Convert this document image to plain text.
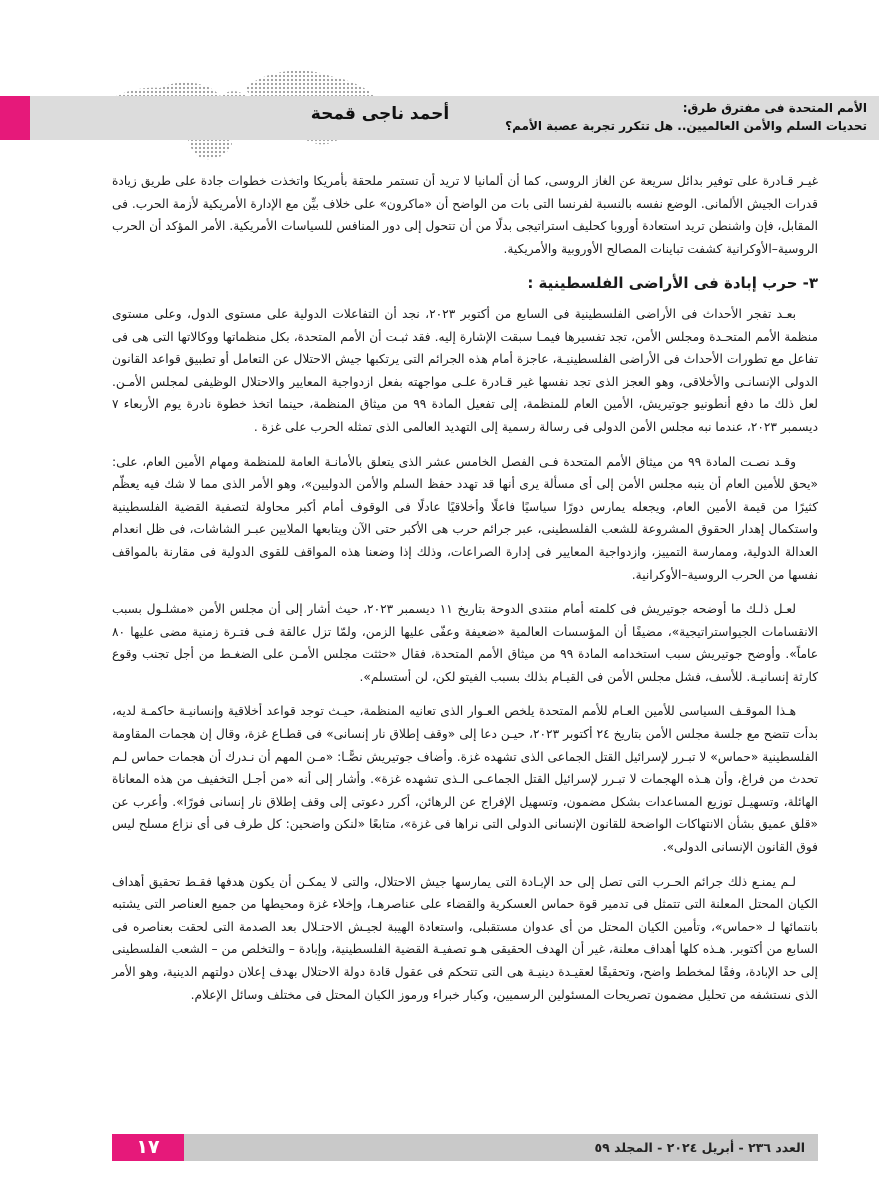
أحمد ناجى قمحة	الأمم المتحدة فى مفترق طرق:
تحديات السلم والأمن العالميين.. هل تتكرر تجربة عصبة الأمم؟

غيـر قـادرة على توفير بدائل سريعة عن الغاز الروسى، كما أن ألمانيا لا تريد أن تستمر ملحقة بأمريكا واتخذت خطوات جادة على طريق زيادة قدرات الجيش الألمانى. الوضع نفسه بالنسبة لفرنسا التى بات من الواضح أن «ماكرون» على خلاف بيِّن مع الإدارة الأمريكية لأزمة الحرب. فى المقابل، فإن واشنطن تريد استعادة أوروبا كحليف استراتيجى بدلًا من أن تتحول إلى دور المنافس للسياسات الأمريكية. الأمر المؤكد أن الحرب الروسية–الأوكرانية كشفت تباينات المصالح الأوروبية والأمريكية.

٣- حرب إبادة فى الأراضى الفلسطينية :

بعـد تفجر الأحداث فى الأراضى الفلسطينية فى السابع من أكتوبر ٢٠٢٣، نجد أن التفاعلات الدولية على مستوى الدول، وعلى مستوى منظمة الأمم المتحـدة ومجلس الأمن، تجد تفسيرها فيمـا سبقت الإشارة إليه. فقد ثبـت أن الأمم المتحدة، بكل منظماتها ووكالاتها التى هى فى تفاعل مع تطورات الأحداث فى الأراضى الفلسطينيـة، عاجزة أمام هذه الجرائم التى يرتكبها جيش الاحتلال عن التعامل أو تطبيق قواعد القانون الدولى الإنسانـى والأخلاقى، وهو العجز الذى تجد نفسها غير قـادرة علـى مواجهته بفعل ازدواجية المعايير والاحتلال الوظيفى لمجلس الأمـن. لعل ذلك ما دفع أنطونيو جوتيريش، الأمين العام للمنظمة، إلى تفعيل المادة ٩٩ من ميثاق المنظمة، حينما اتخذ خطوة نادرة يوم الأربعاء ٧ ديسمبر ٢٠٢٣، عندما نبه مجلس الأمن الدولى فى رسالة رسمية إلى التهديد العالمى الذى تمثله الحرب على غزة .

وقـد نصـت المادة ٩٩ من ميثاق الأمم المتحدة فـى الفصل الخامس عشر الذى يتعلق بالأمانـة العامة للمنظمة ومهام الأمين العام، على: «يحق للأمين العام أن ينبه مجلس الأمن إلى أى مسألة يرى أنها قد تهدد حفظ السلم والأمن الدوليين»، وهو الأمر الذى مما لا شك فيه يعظّم كثيرًا من قيمة الأمين العام، ويجعله يمارس دورًا سياسيًا فاعلًا وأخلاقيًا عادلًا فى الوقوف أمام أكبر محاولة لتصفية القضية الفلسطينية واستكمال إهدار الحقوق المشروعة للشعب الفلسطينى، عبر جرائم حرب هى الأكبر حتى الآن ويتابعها الملايين عبـر الشاشات، فى ظل انعدام العدالة الدولية، وممارسة التمييز، وازدواجية المعايير فى إدارة الصراعات، وذلك إذا وضعنا هذه المواقف للقوى الدولية فى مقارنة بالمواقف نفسها من الحرب الروسية–الأوكرانية.

لعـل ذلـك ما أوضحه جوتيريش فى كلمته أمام منتدى الدوحة بتاريخ ١١ ديسمبر ٢٠٢٣، حيث أشار إلى أن مجلس الأمن «مشلـول بسبب الانقسامات الجيواستراتيجية»، مضيفًا أن المؤسسات العالمية «ضعيفة وعفّى عليها الزمن، ولمّا تزل عالقة فـى فتـرة زمنية مضى عليها ٨٠ عاماً». وأوضح جوتيريش سبب استخدامه المادة ٩٩ من ميثاق الأمم المتحدة، فقال «حثثت مجلس الأمـن على الضغـط من أجل تجنب وقوع كارثة إنسانيـة. للأسف، فشل مجلس الأمن فى القيـام بذلك بسبب الفيتو لكن، لن أستسلم».

هـذا الموقـف السياسى للأمين العـام للأمم المتحدة يلخص العـوار الذى تعانيه المنظمة، حيـث توجد قواعد أخلاقية وإنسانيـة حاكمـة لديه، بدأت تتضح مع جلسة مجلس الأمن بتاريخ ٢٤ أكتوبر ٢٠٢٣، حيـن دعا إلى «وقف إطلاق نار إنسانى» فى قطـاع غزة، وقال إن هجمات المقاومة الفلسطينية «حماس» لا تبـرر لإسرائيل القتل الجماعى الذى تشهده غزة. وأضاف جوتيريش نصًّـا: «مـن المهم أن نـدرك أن هجمات حماس لـم تحدث من فراغ، وأن هـذه الهجمات لا تبـرر لإسرائيل القتل الجماعـى الـذى تشهده غزة». وأشار إلى أنه «من أجـل التخفيف من هذه المعاناة الهائلة، وتسهيـل توزيع المساعدات بشكل مضمون، وتسهيل الإفراج عن الرهائن، أكرر دعوتى إلى وقف إطلاق نار إنسانى فورًا». وأعرب عن «قلق عميق بشأن الانتهاكات الواضحة للقانون الإنسانى الدولى التى نراها فى غزة»، متابعًا «لنكن واضحين: كل طرف فى أى نزاع مسلح ليس فوق القانون الإنسانى الدولى».

لـم يمنـع ذلك جرائم الحـرب التى تصل إلى حد الإبـادة التى يمارسها جيش الاحتلال، والتى لا يمكـن أن يكون هدفها فقـط تحقيق أهداف الكيان المحتل المعلنة التى تتمثل فى تدمير قوة حماس العسكرية والقضاء على عناصرهـا، وإخلاء غزة ومحيطها من جميع العناصر التى يشتبه بانتمائها لـ «حماس»، وتأمين الكيان المحتل من أى عدوان مستقبلى، واستعادة الهيبة لجيـش الاحتـلال بعد الصدمة التى لحقت بعناصره فى السابع من أكتوبر. هـذه كلها أهداف معلنة، غير أن الهدف الحقيقى هـو تصفيـة القضية الفلسطينية، وإبادة – والتخلص من – الشعب الفلسطينى إلى حد الإبادة، وفقًا لمخطط واضح، وتحقيقًا لعقيـدة دينيـة هى التى تتحكم فى عقول قادة دولة الاحتلال بهدف إعلان دولتهم الدينية، وهو الأمر الذى نستشفه من تحليل مضمون تصريحات المسئولين الرسميين، وكبار خبراء ورموز الكيان المحتل فى مختلف وسائل الإعلام.

١٧	العدد ٢٣٦ - أبريل ٢٠٢٤ - المجلد ٥٩
